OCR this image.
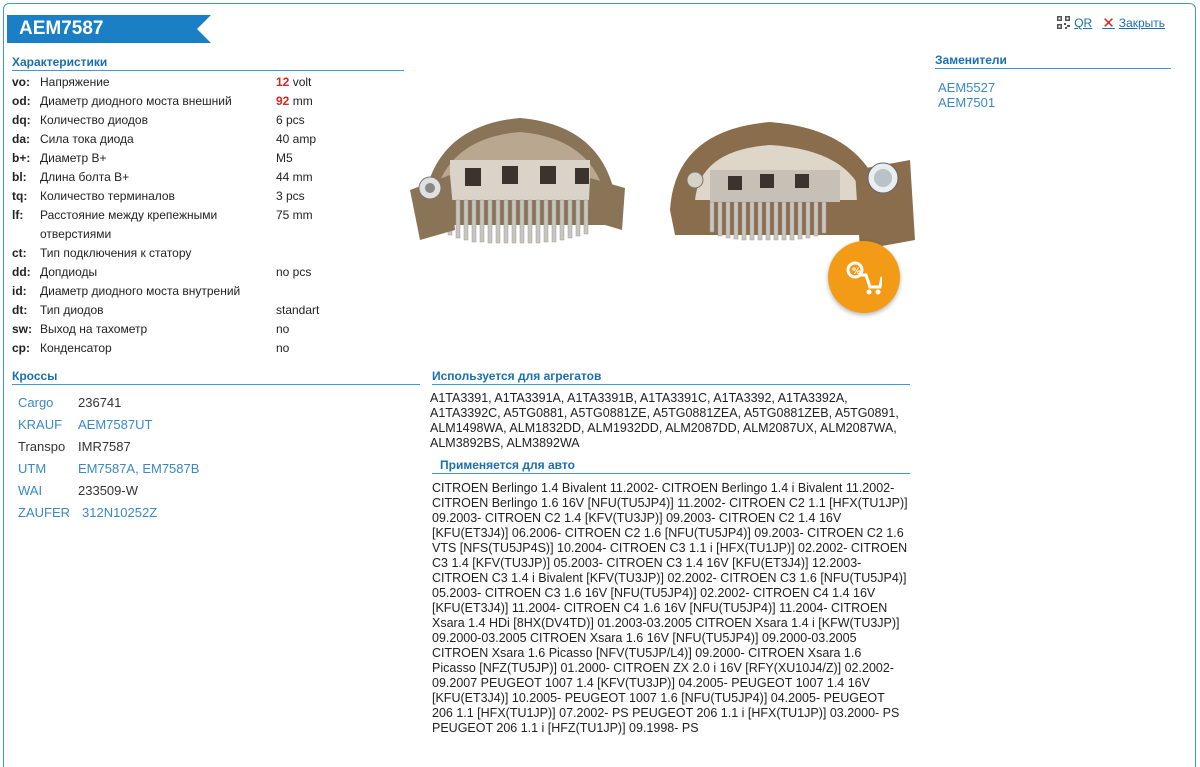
AEM7587	QR ✕ Закрыть
Характеристики
vo:	Напряжение	12 volt
od:	Диаметр диодного моста внешний	92 mm
dq:	Количество диодов	6 pcs
da:	Сила тока диода	40 amp
b+:	Диаметр B+	M5
bl:	Длина болта B+	44 mm
tq:	Количество терминалов	3 pcs
lf:	Расстояние между крепежными отверстиями	75 mm
ct:	Тип подключения к статору	
dd:	Допдиоды	no pcs
id:	Диаметр диодного моста внутрений	
dt:	Тип диодов	standart
sw:	Выход на тахометр	no
cp:	Конденсатор	no
Кроссы
Cargo	236741
KRAUF	AEM7587UT
Transpo	IMR7587
UTM	EM7587A, EM7587B
WAI	233509-W
ZAUFER	312N10252Z
%
Используется для агрегатов
A1TA3391, A1TA3391A, A1TA3391B, A1TA3391C, A1TA3392, A1TA3392A, A1TA3392C, A5TG0881, A5TG0881ZE, A5TG0881ZEA, A5TG0881ZEB, A5TG0891, ALM1498WA, ALM1832DD, ALM1932DD, ALM2087DD, ALM2087UX, ALM2087WA, ALM3892BS, ALM3892WA
Применяется для авто
CITROEN Berlingo 1.4 Bivalent 11.2002- CITROEN Berlingo 1.4 i Bivalent 11.2002- CITROEN Berlingo 1.6 16V [NFU(TU5JP4)] 11.2002- CITROEN C2 1.1 [HFX(TU1JP)] 09.2003- CITROEN C2 1.4 [KFV(TU3JP)] 09.2003- CITROEN C2 1.4 16V [KFU(ET3J4)] 06.2006- CITROEN C2 1.6 [NFU(TU5JP4)] 09.2003- CITROEN C2 1.6 VTS [NFS(TU5JP4S)] 10.2004- CITROEN C3 1.1 i [HFX(TU1JP)] 02.2002- CITROEN C3 1.4 [KFV(TU3JP)] 05.2003- CITROEN C3 1.4 16V [KFU(ET3J4)] 12.2003- CITROEN C3 1.4 i Bivalent [KFV(TU3JP)] 02.2002- CITROEN C3 1.6 [NFU(TU5JP4)] 05.2003- CITROEN C3 1.6 16V [NFU(TU5JP4)] 02.2002- CITROEN C4 1.4 16V [KFU(ET3J4)] 11.2004- CITROEN C4 1.6 16V [NFU(TU5JP4)] 11.2004- CITROEN Xsara 1.4 HDi [8HX(DV4TD)] 01.2003-03.2005 CITROEN Xsara 1.4 i [KFW(TU3JP)] 09.2000-03.2005 CITROEN Xsara 1.6 16V [NFU(TU5JP4)] 09.2000-03.2005 CITROEN Xsara 1.6 Picasso [NFV(TU5JP/L4)] 09.2000- CITROEN Xsara 1.6 Picasso [NFZ(TU5JP)] 01.2000- CITROEN ZX 2.0 i 16V [RFY(XU10J4/Z)] 02.2002-09.2007 PEUGEOT 1007 1.4 [KFV(TU3JP)] 04.2005- PEUGEOT 1007 1.4 16V [KFU(ET3J4)] 10.2005- PEUGEOT 1007 1.6 [NFU(TU5JP4)] 04.2005- PEUGEOT 206 1.1 [HFX(TU1JP)] 07.2002- PS PEUGEOT 206 1.1 i [HFX(TU1JP)] 03.2000- PS PEUGEOT 206 1.1 i [HFZ(TU1JP)] 09.1998- PS
Заменители
AEM5527
AEM7501
